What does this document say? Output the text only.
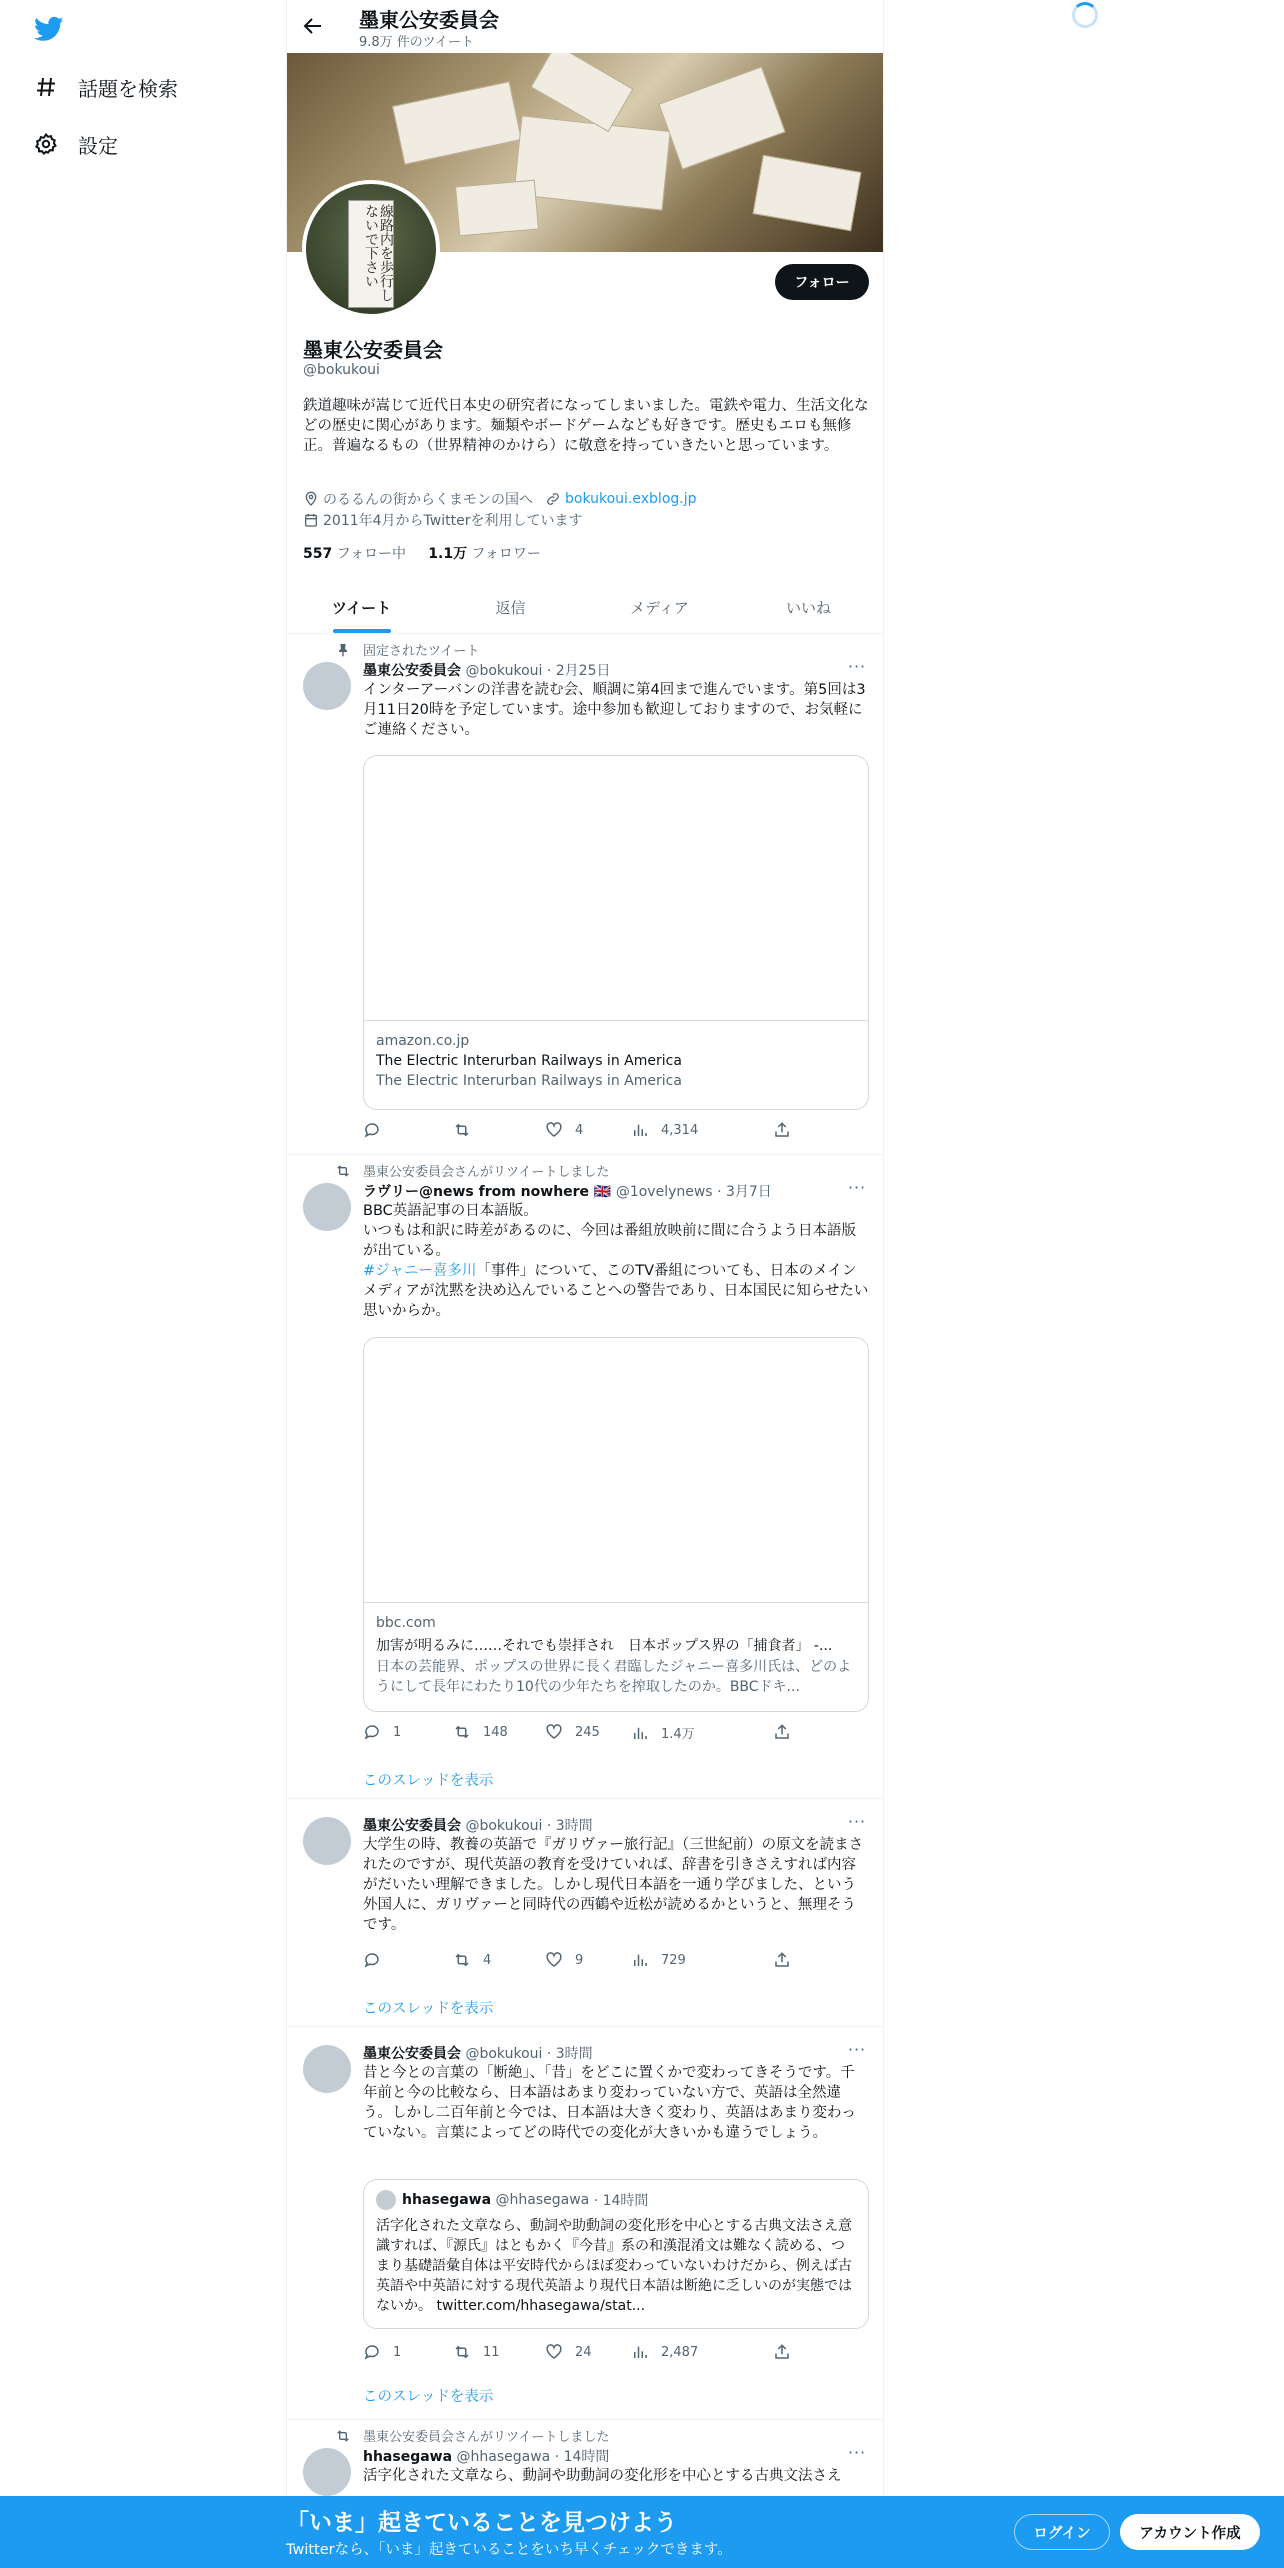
話題を検索
設定
墨東公安委員会
9.8万 件のツイート
線路内を歩行しないで下さい	フォロー
墨東公安委員会
@bokukoui
鉄道趣味が嵩じて近代日本史の研究者になってしまいました。電鉄や電力、生活文化などの歴史に関心があります。麺類やボードゲームなども好きです。歴史もエロも無修正。普遍なるもの（世界精神のかけら）に敬意を持っていきたいと思っています。
のるるんの街からくまモンの国へ bokukoui.exblog.jp
2011年4月からTwitterを利用しています
557 フォロー中 1.1万 フォロワー
ツイート	返信	メディア	いいね
固定されたツイート
墨東公安委員会 @bokukoui · 2月25日	···
インターアーバンの洋書を読む会、順調に第4回まで進んでいます。第5回は3月11日20時を予定しています。途中参加も歓迎しておりますので、お気軽にご連絡ください。
amazon.co.jp
The Electric Interurban Railways in America
The Electric Interurban Railways in America
4	4,314
墨東公安委員会さんがリツイートしました
ラヴリー@news from nowhere 🇬🇧 @1ovelynews · 3月7日	···
BBC英語記事の日本語版。
いつもは和訳に時差があるのに、今回は番組放映前に間に合うよう日本語版が出ている。
#ジャニー喜多川「事件」について、このTV番組についても、日本のメインメディアが沈黙を決め込んでいることへの警告であり、日本国民に知らせたい思いからか。
bbc.com
加害が明るみに……それでも崇拝され　日本ポップス界の「捕食者」 -...
日本の芸能界、ポップスの世界に長く君臨したジャニー喜多川氏は、どのようにして長年にわたり10代の少年たちを搾取したのか。BBCドキ...
1	148	245	1.4万
このスレッドを表示
墨東公安委員会 @bokukoui · 3時間	···
大学生の時、教養の英語で『ガリヴァー旅行記』（三世紀前）の原文を読まされたのですが、現代英語の教育を受けていれば、辞書を引きさえすれば内容がだいたい理解できました。しかし現代日本語を一通り学びました、という外国人に、ガリヴァーと同時代の西鶴や近松が読めるかというと、無理そうです。
4	9	729
このスレッドを表示
墨東公安委員会 @bokukoui · 3時間	···
昔と今との言葉の「断絶」、「昔」をどこに置くかで変わってきそうです。千年前と今の比較なら、日本語はあまり変わっていない方で、英語は全然違う。しかし二百年前と今では、日本語は大きく変わり、英語はあまり変わっていない。言葉によってどの時代での変化が大きいかも違うでしょう。
hhasegawa
@hhasegawa
· 14時間
活字化された文章なら、動詞や助動詞の変化形を中心とする古典文法さえ意識すれば、『源氏』はともかく『今昔』系の和漢混淆文は難なく読める、つまり基礎語彙自体は平安時代からほぼ変わっていないわけだから、例えば古英語や中英語に対する現代英語より現代日本語は断絶に乏しいのが実態ではないか。 twitter.com/hhasegawa/stat...
1	11	24	2,487
このスレッドを表示
墨東公安委員会さんがリツイートしました
hhasegawa @hhasegawa · 14時間	···
活字化された文章なら、動詞や助動詞の変化形を中心とする古典文法さえ
「いま」起きていることを見つけよう
Twitterなら、「いま」起きていることをいち早くチェックできます。
ログイン	アカウント作成
